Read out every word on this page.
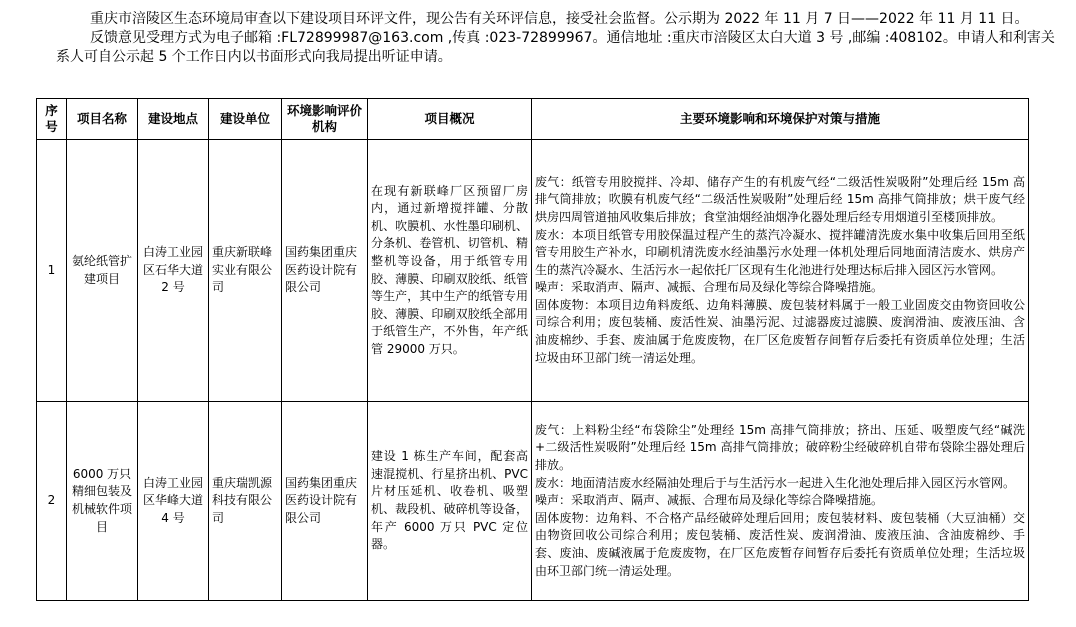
重庆市涪陵区生态环境局审查以下建设项目环评文件，现公告有关环评信息，接受社会监督。公示期为 2022 年 11 月 7 日——2022 年 11 月 11 日。

反馈意见受理方式为电子邮箱 :FL72899987@163.com ,传真 :023-72899967。通信地址 :重庆市涪陵区太白大道 3 号 ,邮编 :408102。申请人和利害关系人可自公示起 5 个工作日内以书面形式向我局提出听证申请。

序号	项目名称	建设地点	建设单位	环境影响评价机构	项目概况	主要环境影响和环境保护对策与措施
1	氨纶纸管扩建项目	白涛工业园区石华大道 2 号	重庆新联峰实业有限公司	国药集团重庆医药设计院有限公司	在现有新联峰厂区预留厂房内，通过新增搅拌罐、分散机、吹膜机、水性墨印刷机、分条机、卷管机、切管机、精整机等设备，用于纸管专用胶、薄膜、印刷双胶纸、纸管等生产，其中生产的纸管专用胶、薄膜、印刷双胶纸全部用于纸管生产，不外售，年产纸管 29000 万只。	废气：纸管专用胶搅拌、冷却、储存产生的有机废气经“二级活性炭吸附”处理后经 15m 高排气筒排放；吹膜有机废气经“二级活性炭吸附”处理后经 15m 高排气筒排放；烘干废气经烘房四周管道抽风收集后排放；食堂油烟经油烟净化器处理后经专用烟道引至楼顶排放。
废水：本项目纸管专用胶保温过程产生的蒸汽冷凝水、搅拌罐清洗废水集中收集后回用至纸管专用胶生产补水，印刷机清洗废水经油墨污水处理一体机处理后同地面清洁废水、烘房产生的蒸汽冷凝水、生活污水一起依托厂区现有生化池进行处理达标后排入园区污水管网。
噪声：采取消声、隔声、减振、合理布局及绿化等综合降噪措施。
固体废物：本项目边角料废纸、边角料薄膜、废包装材料属于一般工业固废交由物资回收公司综合利用；废包装桶、废活性炭、油墨污泥、过滤器废过滤膜、废润滑油、废液压油、含油废棉纱、手套、废油属于危废废物，在厂区危废暂存间暂存后委托有资质单位处理；生活垃圾由环卫部门统一清运处理。

2	6000 万只精细包装及机械软件项目	白涛工业园区华峰大道 4 号	重庆瑞凯源科技有限公司	国药集团重庆医药设计院有限公司	建设 1 栋生产车间，配套高速混搅机、行星挤出机、PVC 片材压延机、收卷机、吸塑机、裁段机、破碎机等设备，年产 6000 万只 PVC 定位器。	废气：上料粉尘经“布袋除尘”处理经 15m 高排气筒排放；挤出、压延、吸塑废气经“碱洗+二级活性炭吸附”处理后经 15m 高排气筒排放；破碎粉尘经破碎机自带布袋除尘器处理后排放。
废水：地面清洁废水经隔油处理后于与生活污水一起进入生化池处理后排入园区污水管网。
噪声：采取消声、隔声、减振、合理布局及绿化等综合降噪措施。
固体废物：边角料、不合格产品经破碎处理后回用；废包装材料、废包装桶（大豆油桶）交由物资回收公司综合利用；废包装桶、废活性炭、废润滑油、废液压油、含油废棉纱、手套、废油、废碱液属于危废废物，在厂区危废暂存间暂存后委托有资质单位处理；生活垃圾由环卫部门统一清运处理。
